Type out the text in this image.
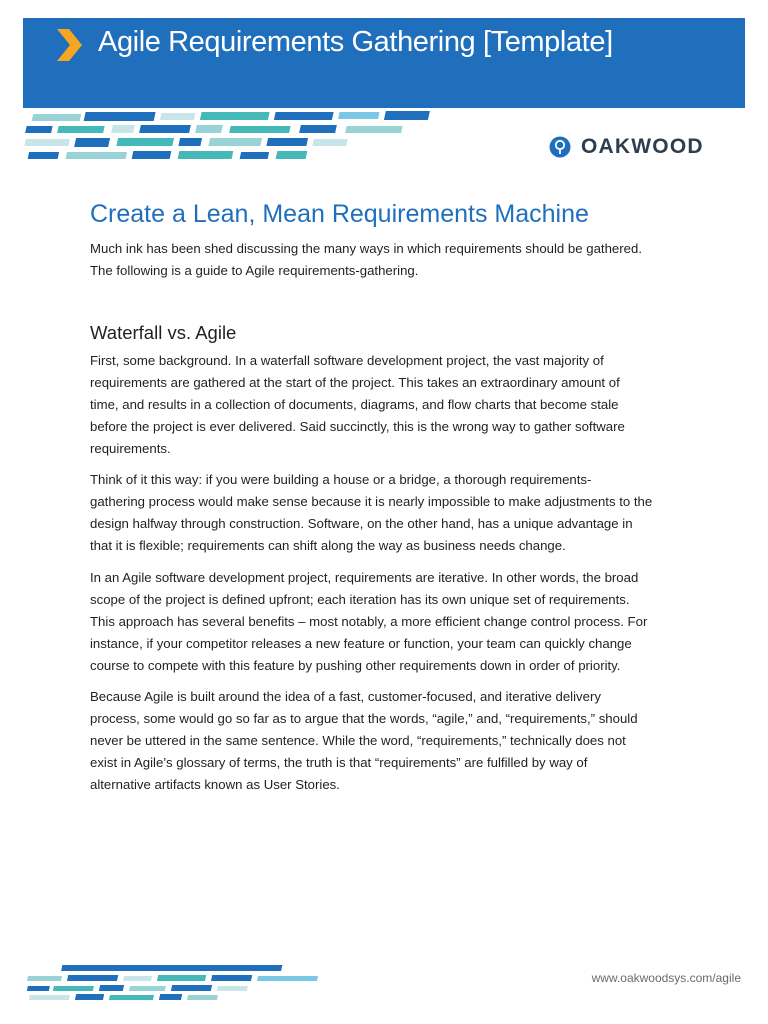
Agile Requirements Gathering [Template]
OAKWOOD
Create a Lean, Mean Requirements Machine
Much ink has been shed discussing the many ways in which requirements should be gathered.
The following is a guide to Agile requirements-gathering.
Waterfall vs. Agile
First, some background. In a waterfall software development project, the vast majority of
requirements are gathered at the start of the project. This takes an extraordinary amount of
time, and results in a collection of documents, diagrams, and flow charts that become stale
before the project is ever delivered. Said succinctly, this is the wrong way to gather software
requirements.
Think of it this way: if you were building a house or a bridge, a thorough requirements-
gathering process would make sense because it is nearly impossible to make adjustments to the
design halfway through construction. Software, on the other hand, has a unique advantage in
that it is flexible; requirements can shift along the way as business needs change.
In an Agile software development project, requirements are iterative. In other words, the broad
scope of the project is defined upfront; each iteration has its own unique set of requirements.
This approach has several benefits – most notably, a more efficient change control process. For
instance, if your competitor releases a new feature or function, your team can quickly change
course to compete with this feature by pushing other requirements down in order of priority.
Because Agile is built around the idea of a fast, customer-focused, and iterative delivery
process, some would go so far as to argue that the words, “agile,” and, “requirements,” should
never be uttered in the same sentence. While the word, “requirements,” technically does not
exist in Agile’s glossary of terms, the truth is that “requirements” are fulfilled by way of
alternative artifacts known as User Stories.
www.oakwoodsys.com/agile
